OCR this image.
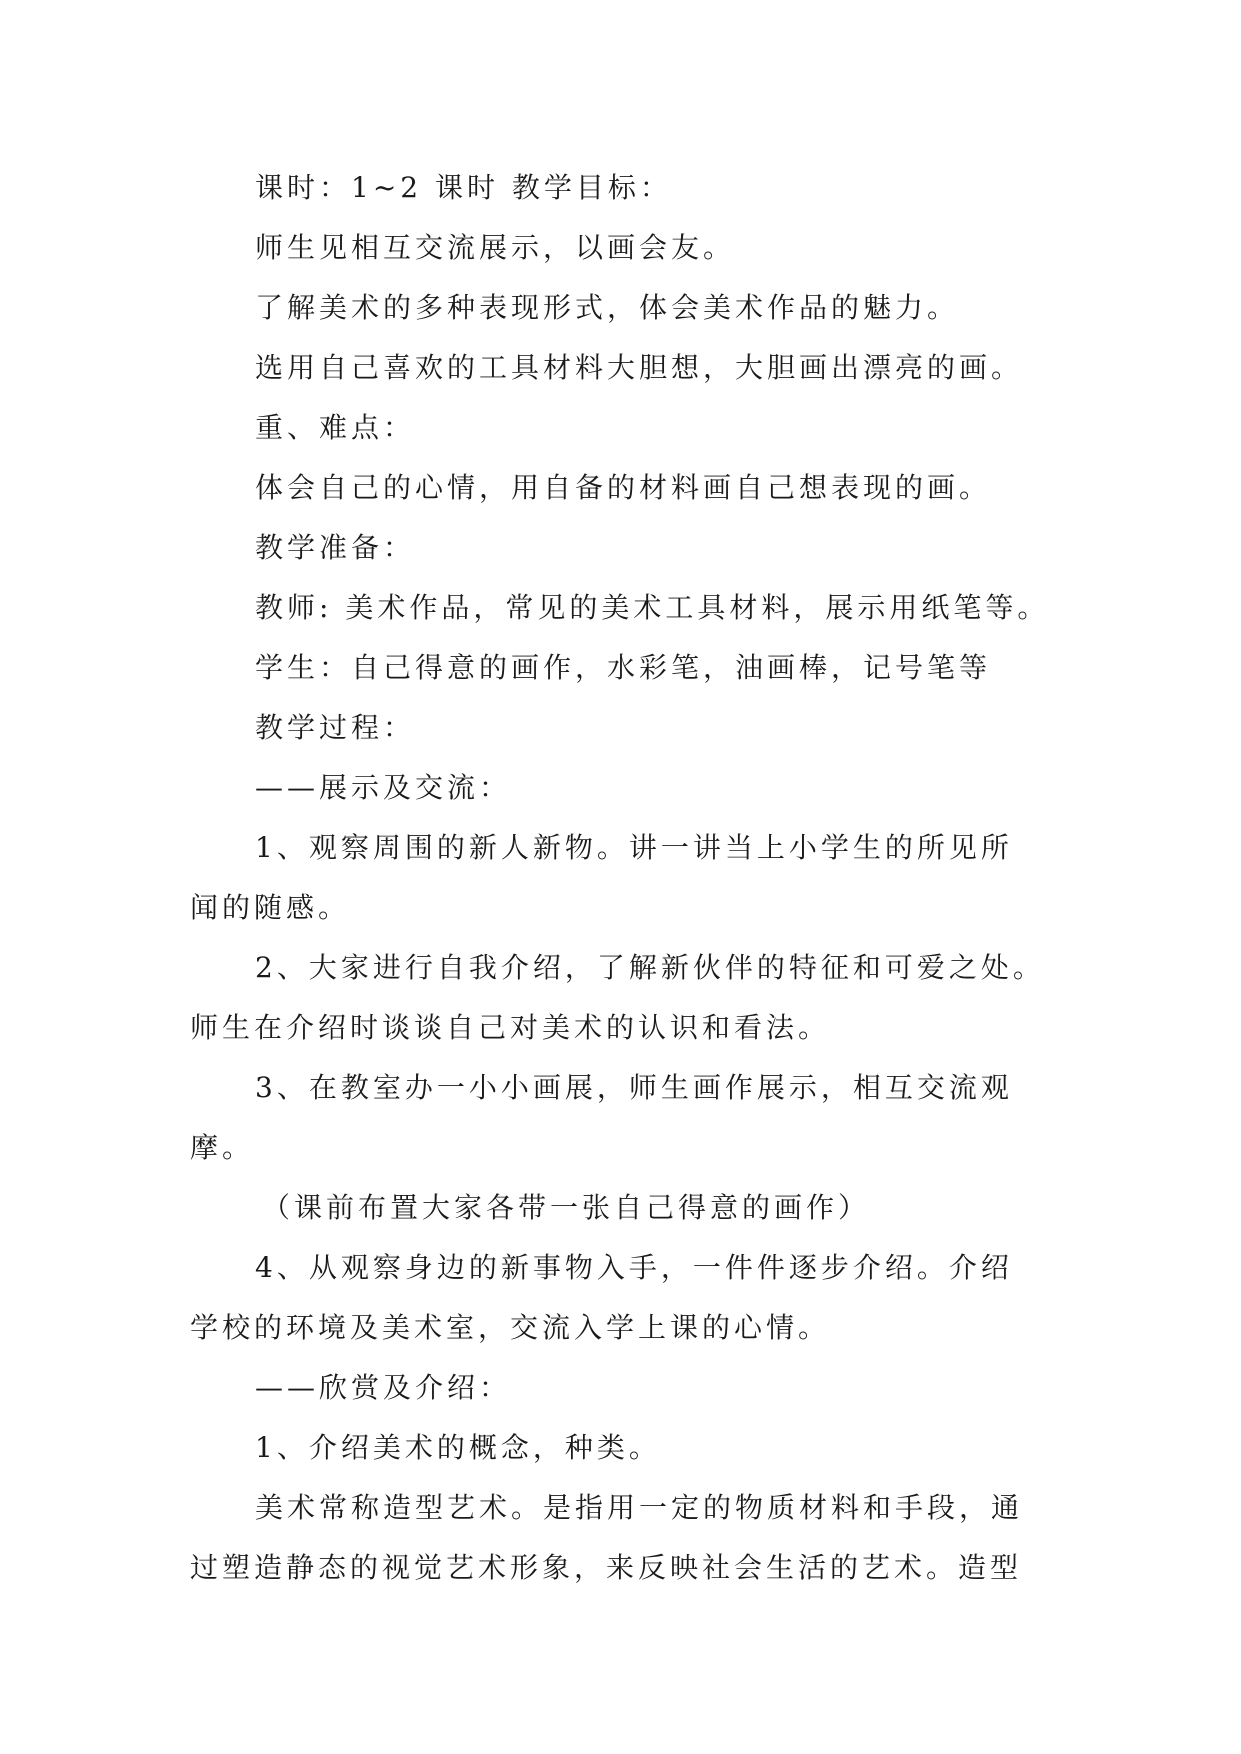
课时：1~2 课时 教学目标：
师生见相互交流展示，以画会友。
了解美术的多种表现形式，体会美术作品的魅力。
选用自己喜欢的工具材料大胆想，大胆画出漂亮的画。
重、难点：
体会自己的心情，用自备的材料画自己想表现的画。
教学准备：
教师: 美术作品，常见的美术工具材料，展示用纸笔等。
学生：自己得意的画作，水彩笔，油画棒，记号笔等
教学过程：
——展示及交流：
1、观察周围的新人新物。讲一讲当上小学生的所见所
闻的随感。
2、大家进行自我介绍，了解新伙伴的特征和可爱之处。
师生在介绍时谈谈自己对美术的认识和看法。
3、在教室办一小小画展，师生画作展示，相互交流观
摩。
（课前布置大家各带一张自己得意的画作）
4、从观察身边的新事物入手，一件件逐步介绍。介绍
学校的环境及美术室，交流入学上课的心情。
——欣赏及介绍：
1、介绍美术的概念，种类。
美术常称造型艺术。是指用一定的物质材料和手段，通
过塑造静态的视觉艺术形象，来反映社会生活的艺术。造型
